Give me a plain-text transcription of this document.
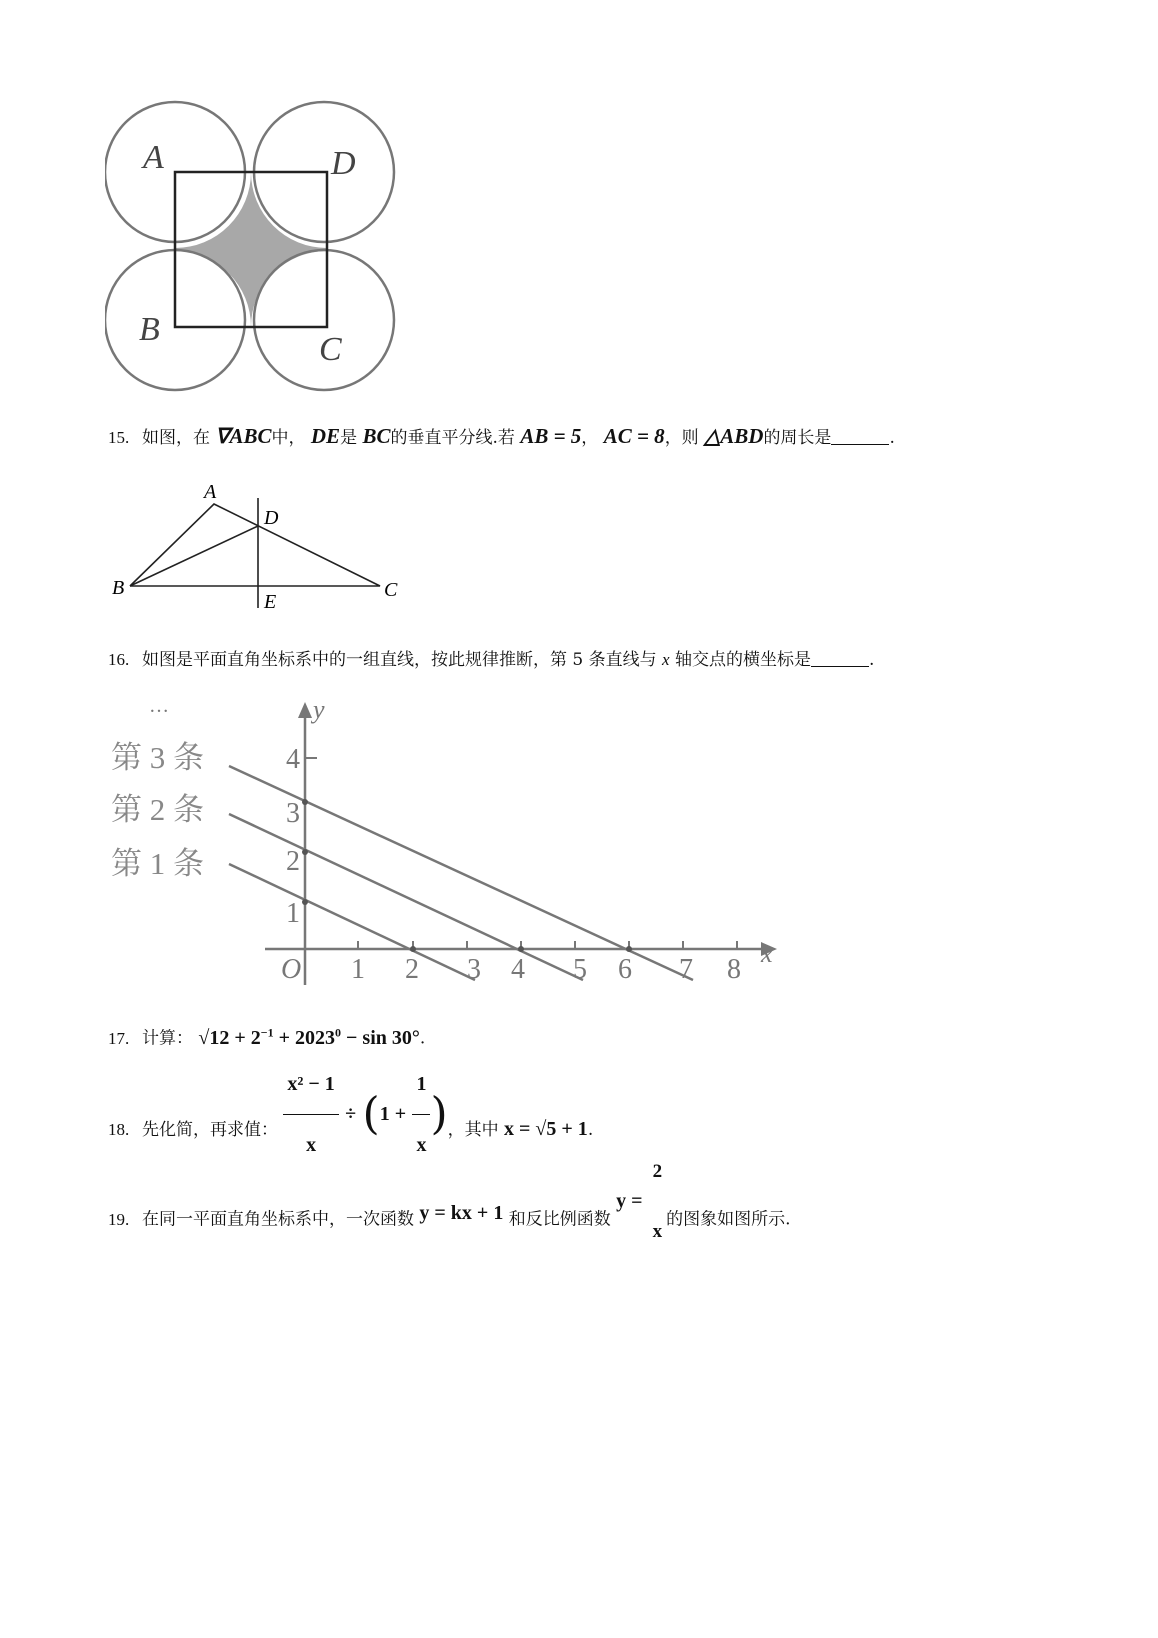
A	D
B
C
15. 如图，在 ∇ABC中， DE是 BC的垂直平分线.若 AB = 5， AC = 8，则 △ABD的周长是	.
A
D
B
E
C
16. 如图是平面直角坐标系中的一组直线，按此规律推断，第 5 条直线与 x 轴交点的横坐标是	.
…
第 3 条
第 2 条
第 1 条
y
x
O 1 2 3 4 5 6 7 8
1
2
3
4
17. 计算： $√12 + 2^{-1} + 2023^0 - \sin 30^\circ$.
18. 先化简，再求值： $\frac{\text{x² − 1}}{x} \div (1 + \frac{1}{x}$ )，其中 x = √5 + 1.
19. 在同一平面直角坐标系中，一次函数 y = kx + 1 和反比例函数 y =
2
x
的图象如图所示.
